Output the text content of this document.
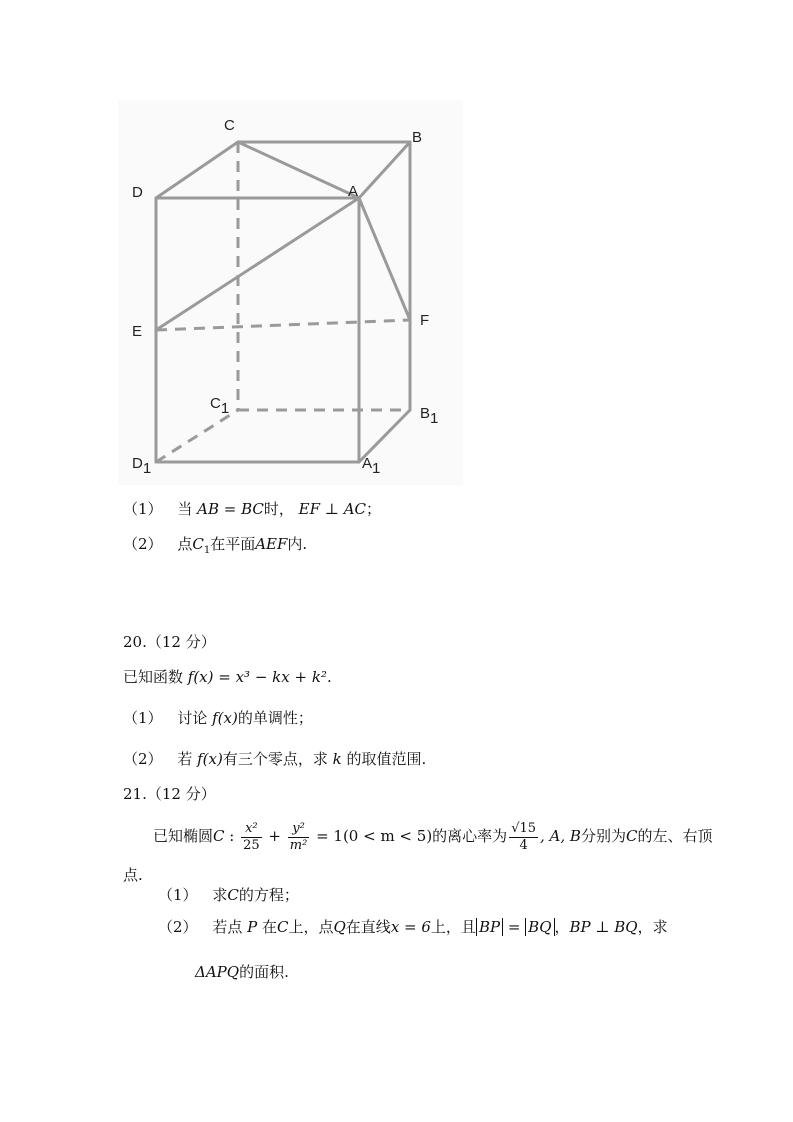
C
B
D	A
E
F
C1	B1
D1	A1
（1） 当 AB = BC时， EF ⊥ AC；
（2） 点$C_1$在平面AEF内.
20.（12 分）
已知函数 f(x) = x³ − kx + k².
（1） 讨论 f(x)的单调性；
（2） 若 f(x)有三个零点，求 k 的取值范围.
21.（12 分）
已知椭圆C : $\frac{\text{x²}}{25} + \frac{\text{y²}}{\text{m²}} = 1(0 < m < 5)$的离心率为 $\frac{√15}{4}$ , A, B分别为C的左、右顶
点.
（1） 求C的方程；
（2） 若点 P 在C上，点Q在直线x = 6上，且 BP = BQ ，BP ⊥ BQ，求
ΔAPQ的面积.
